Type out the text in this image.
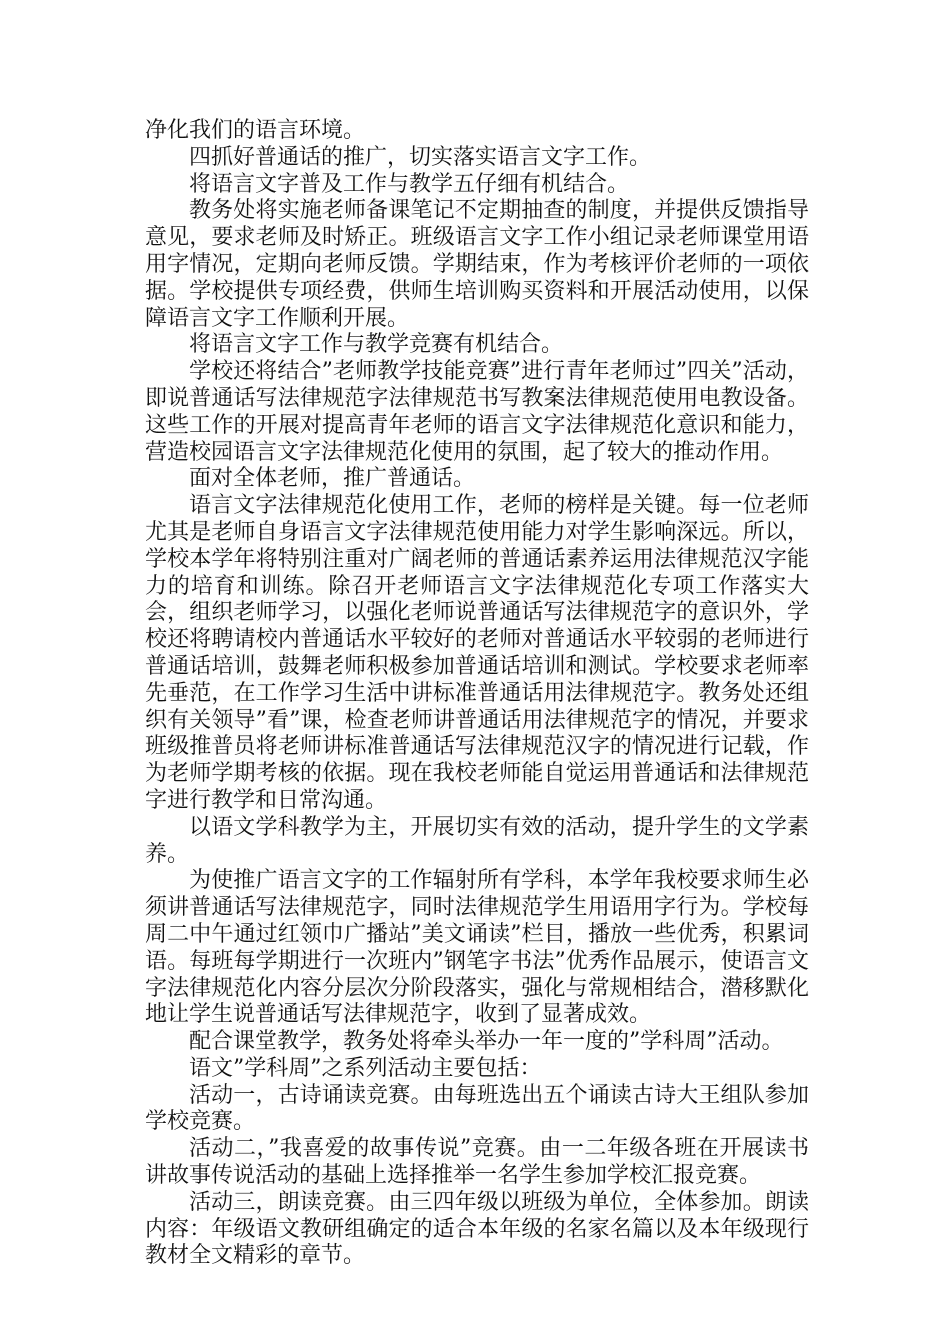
净化我们的语言环境。

四抓好普通话的推广，切实落实语言文字工作。

将语言文字普及工作与教学五仔细有机结合。

教务处将实施老师备课笔记不定期抽查的制度，并提供反馈指导意见，要求老师及时矫正。班级语言文字工作小组记录老师课堂用语用字情况，定期向老师反馈。学期结束，作为考核评价老师的一项依据。学校提供专项经费，供师生培训购买资料和开展活动使用，以保障语言文字工作顺利开展。

将语言文字工作与教学竞赛有机结合。

学校还将结合”老师教学技能竞赛”进行青年老师过”四关”活动，即说普通话写法律规范字法律规范书写教案法律规范使用电教设备。这些工作的开展对提高青年老师的语言文字法律规范化意识和能力，营造校园语言文字法律规范化使用的氛围，起了较大的推动作用。

面对全体老师，推广普通话。

语言文字法律规范化使用工作，老师的榜样是关键。每一位老师尤其是老师自身语言文字法律规范使用能力对学生影响深远。所以，学校本学年将特别注重对广阔老师的普通话素养运用法律规范汉字能力的培育和训练。除召开老师语言文字法律规范化专项工作落实大会，组织老师学习，以强化老师说普通话写法律规范字的意识外，学校还将聘请校内普通话水平较好的老师对普通话水平较弱的老师进行普通话培训，鼓舞老师积极参加普通话培训和测试。学校要求老师率先垂范，在工作学习生活中讲标准普通话用法律规范字。教务处还组织有关领导”看”课，检查老师讲普通话用法律规范字的情况，并要求班级推普员将老师讲标准普通话写法律规范汉字的情况进行记载，作为老师学期考核的依据。现在我校老师能自觉运用普通话和法律规范字进行教学和日常沟通。

以语文学科教学为主，开展切实有效的活动，提升学生的文学素养。

为使推广语言文字的工作辐射所有学科，本学年我校要求师生必须讲普通话写法律规范字，同时法律规范学生用语用字行为。学校每周二中午通过红领巾广播站”美文诵读”栏目，播放一些优秀，积累词语。每班每学期进行一次班内”钢笔字书法”优秀作品展示，使语言文字法律规范化内容分层次分阶段落实，强化与常规相结合，潜移默化地让学生说普通话写法律规范字，收到了显著成效。

配合课堂教学，教务处将牵头举办一年一度的”学科周”活动。

语文”学科周”之系列活动主要包括：

活动一，古诗诵读竞赛。由每班选出五个诵读古诗大王组队参加学校竞赛。

活动二，”我喜爱的故事传说”竞赛。由一二年级各班在开展读书讲故事传说活动的基础上选择推举一名学生参加学校汇报竞赛。

活动三，朗读竞赛。由三四年级以班级为单位，全体参加。朗读内容：年级语文教研组确定的适合本年级的名家名篇以及本年级现行教材全文精彩的章节。
